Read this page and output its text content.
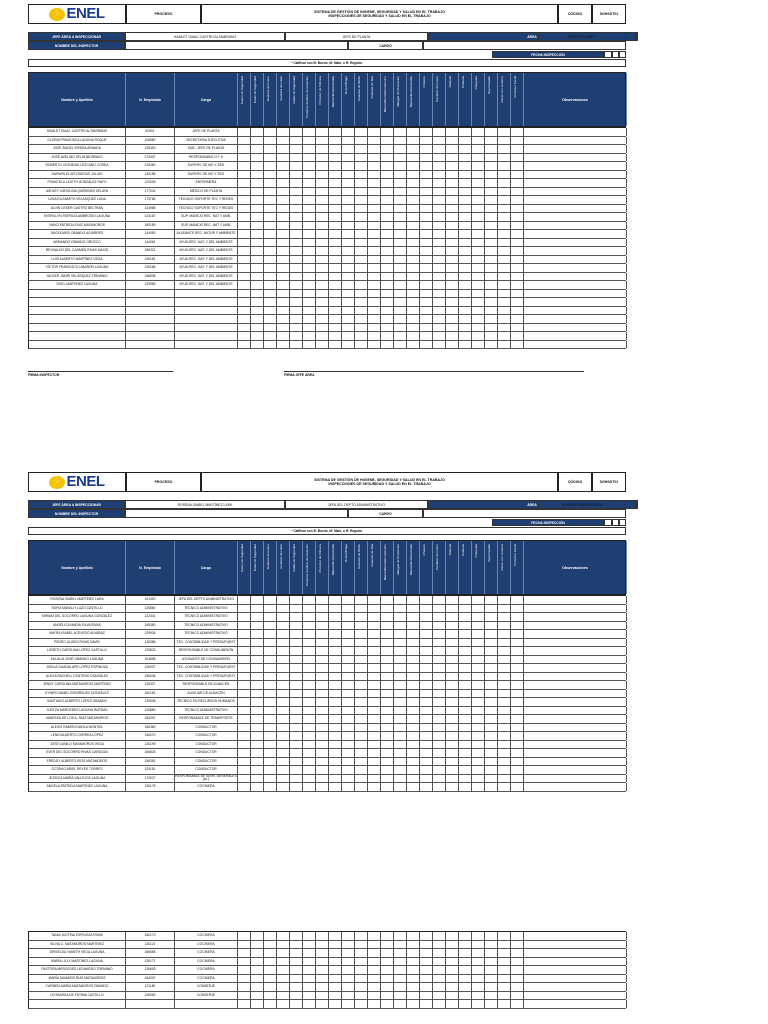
⚡ ENEL	PROCESO
SISTEMA DE GESTIÓN DE HIGIENE, SEGURIDAD Y SALUD EN EL TRABAJO
INSPECCIONES DE SEGURIDAD Y SALUD EN EL TRABAJO
CÓDIGO	SGHSST01
JEFE ÁREA A INSPECCIONAR	HAMLET ISAAC CASTRO ALTAMIRANO	JEFE DE PLANTA	ÁREA	ZIPA/TUNA ZINDO
NOMBRE DEL INSPECTOR	CARGO
FECHA INSPECCIÓN
* Calificar con B: Bueno, M: Malo, o R: Regular.
Nombre y Apellido	N. Empleado	Cargo	Casco de Seguridad	Botas de Seguridad	Guantes de Cuero	Guantes de Látex	Gafas de Seguridad	Protector Auditivo de Inserción	Protector de Silicona	Mascarilla Desechable	Overol/Braga	Guantes de Nitrilo	Guantes de Tela	Mascarilla Doble Cartucho	Mangas de Protección	Mascarilla Desechable	Chaleco	Pantalón de Cuero	Delantal	Polainas	Chaqueta	Impermeable	Casco con Linterna	Protector Facial
Observaciones
HAMLET ISAAC CASTRO ALTAMIRANO	52601	JEFE DE PLANTA
GLORIA FRANCISCA LAGUNA ROQUE	106580	SECRETARIA EJECUTIVA
JOSÉ ÁNGEL RIVERA ARANDA	125300	SUB - JEFE DE PLANTA
JOSÉ AVELINO ZELAYÁN BRAVO	273407	RESPONSABLE H Y S
ROBERTO LEONIDAS LEZCANO COREA	125480	SUPERV. DE MO Y SEG
DARWIN ELIUS RUEDAS JULIUS	130185	SUPERV. DE MO Y SEG
FRANCELA LILIETH GONZÁLEZ RAYO	120009	ENFERMERA
ASHLEY CAROLINA QUIÑONES ZELAYA	177043	MÉDICO DE PLANTA
LIGIA ELIZABETH VELÁSQUEZ LUNA	173784	TÉCNICO SOPORTE TEC Y REDES
ALVIN CESER CASTRO BELTRAN	124985	TÉCNICO SOPORTE TEC Y REDES
EVERILLYN PATRICIA AMBROSIO LAGUNA	124187	SUP. MANEJO REC. NAT Y AMB.
YANCI PATRICIA RUIZ MATAMOROS	160189	SUP. MANEJO REC. NAT Y AMB.
DAGOGARD OBANDO AGUIRRES	144050	AYUDANTE REC. NATUR Y AMBIENTE
ARMANDO OBANDO OROZCO	144061	AYUD.REC. NAT. Y DEL AMBIENTE
REYNALDO DEL CARMEN RIVAS MACIS	156321	AYUD.REC. NAT. Y DEL AMBIENTE
LUIS ALBERTO MARTÍNEZ VEGA	126181	AYUD.REC. NAT. Y DEL AMBIENTE
VÍCTOR FRANCISCO UMAÑOR LAGUNA	126186	AYUD.REC. NAT. Y DEL AMBIENTE
JACKER JAMIR VELÁSQUEZ TREMINIO	166508	AYUD.REC. NAT. Y DEL AMBIENTE
NOEL MARTÍNEZ LAGUNA	129965	AYUD.REC. NAT. Y DEL AMBIENTE
FIRMA INSPECTOR	FIRMA JEFE ÁREA
⚡ ENEL	PROCESO
SISTEMA DE GESTIÓN DE HIGIENE, SEGURIDAD Y SALUD EN EL TRABAJO
INSPECCIONES DE SEGURIDAD Y SALUD EN EL TRABAJO
CÓDIGO	SGHSST01
JEFE ÁREA A INSPECCIONAR	ROSENA ISABEL MARTÍNEZ LARA	JEFA DEL DEPTO ADMINISTRATIVO	ÁREA	ADMINISTRACIÓN 15005
NOMBRE DEL INSPECTOR	CARGO
FECHA INSPECCIÓN
* Calificar con B: Bueno, M: Malo, o R: Regular.
Nombre y Apellido	N. Empleado	Cargo	Casco de Seguridad	Botas de Seguridad	Guantes de Cuero	Guantes de Látex	Gafas de Seguridad	Protector Auditivo de Inserción	Protector de Silicona	Mascarilla Desechable	Overol/Braga	Guantes de Nitrilo	Guantes de Tela	Mascarilla Doble Cartucho	Mangas de Protección	Mascarilla Desechable	Chaleco	Pantalón de Cuero	Delantal	Polainas	Chaqueta	Impermeable	Casco con Linterna	Protector Facial
Observaciones
ROSENA ISABEL MARTÍNEZ LARA	101420	JEFA DEL DEPTO ADMINISTRATIVO
SOFIA MASALIT LAZO CASTILLO	126880	TÉCNICO ADMINISTRATIVO
MIRIAM DEL SOCORRO LAGUNA GONZÁLEZ	122441	TÉCNICO ADMINISTRATIVO
ANGÉLICA MARÍA SILVA RIVAS	165360	TÉCNICO ADMINISTRATIVO
MAYRA ISABEL ACEVEDO ALVARAZ	129926	TÉCNICO ADMINISTRATIVO
PEDRO ULISES RIVAS DAVID	126386	TEC. CONTABILIDAD Y PRESUPUEST
LISSETH CAROLINA LÓPEZ CASTILLO	129823	RESPONSABLE DE CONSUMISIÓN
EULALIA JOSÉ OBANDO LAGUNA	104898	AYUDANTE DE CONSUMISIÓN
JOELIA GUADALUPE LÓPEZ ESPINOZA	126027	TEC. CONTABILIDAD Y PRESUPUEST
ALEXA RACHELL CENTENO GONZÁLEZ	156046	TEC. CONTABILIDAD Y PRESUPUEST
JENNY CAROLINA MATAMOROS MARTÍNEZ	126327	RESPONSABLE DE ALMACÉN
EYNER DANIEL RODRÍGUEZ GONZÁLEZ	160181	AUXILIAR DE ALMACÉN
SANTIAGO ALBERTO LÓPEZ OBANDO	129935	TÉCNICO EN RECURSOS HUMANOS
JUNTZA MARCEDES LAGUNA RUEDAS	126880	TÉCNICO ADMINISTRATIVO
VANESSA DE LOS A. RUIZ MATAMOROS	164007	RESPONSABLE DE TRANSPORTE
ALEXIS RAMÓN DAVILA MONTIEL	156380	CONDUCTOR
LENIN ALBERTO CORREA LÓPEZ	156270	CONDUCTOR
JOSÉ DANILO MATAMOROS VEGA	126199	CONDUCTOR
EVER DEL SOCORRO RIVAS CARDOZA	166825	CONDUCTOR
FREDDY ALBERTO RIOS MATAMOROS	156381	CONDUCTOR
OCTAVIO ARIEL REYES TORREZ	191151	CONDUCTOR
JESSICA MARÍA VALLEJOS LAGUNA	173027	RESPONSABLE DE SERV. GENERALES (a.i.)
ANGELA PATRICIA MARTÍNEZ LAGUNA	126178	COCINERA
TANIA JUSTINA ESPINOZA RIVAS	160173	COCINERA
SILVIA C. MATAMOROS MARTÍNEZ	126121	COCINERA
GRISELDA YANETH VEGA LAGUNA	166565	COCINERA
MARÍA LILLY MARTÍNEZ LAGUNA	126171	COCINERA
PASTORA MERCEDES LEONARDO TREMINIO	126603	COCINERA
MARÍA DAMARIS RUIZ MATAMOROS	164007	COCINERA
CARMEN MARIA MATAMOROS OBANDO	121180	CONSERJE
LEONARDA DE FÁTIMA CASTILLO	126062	CONSERJE
